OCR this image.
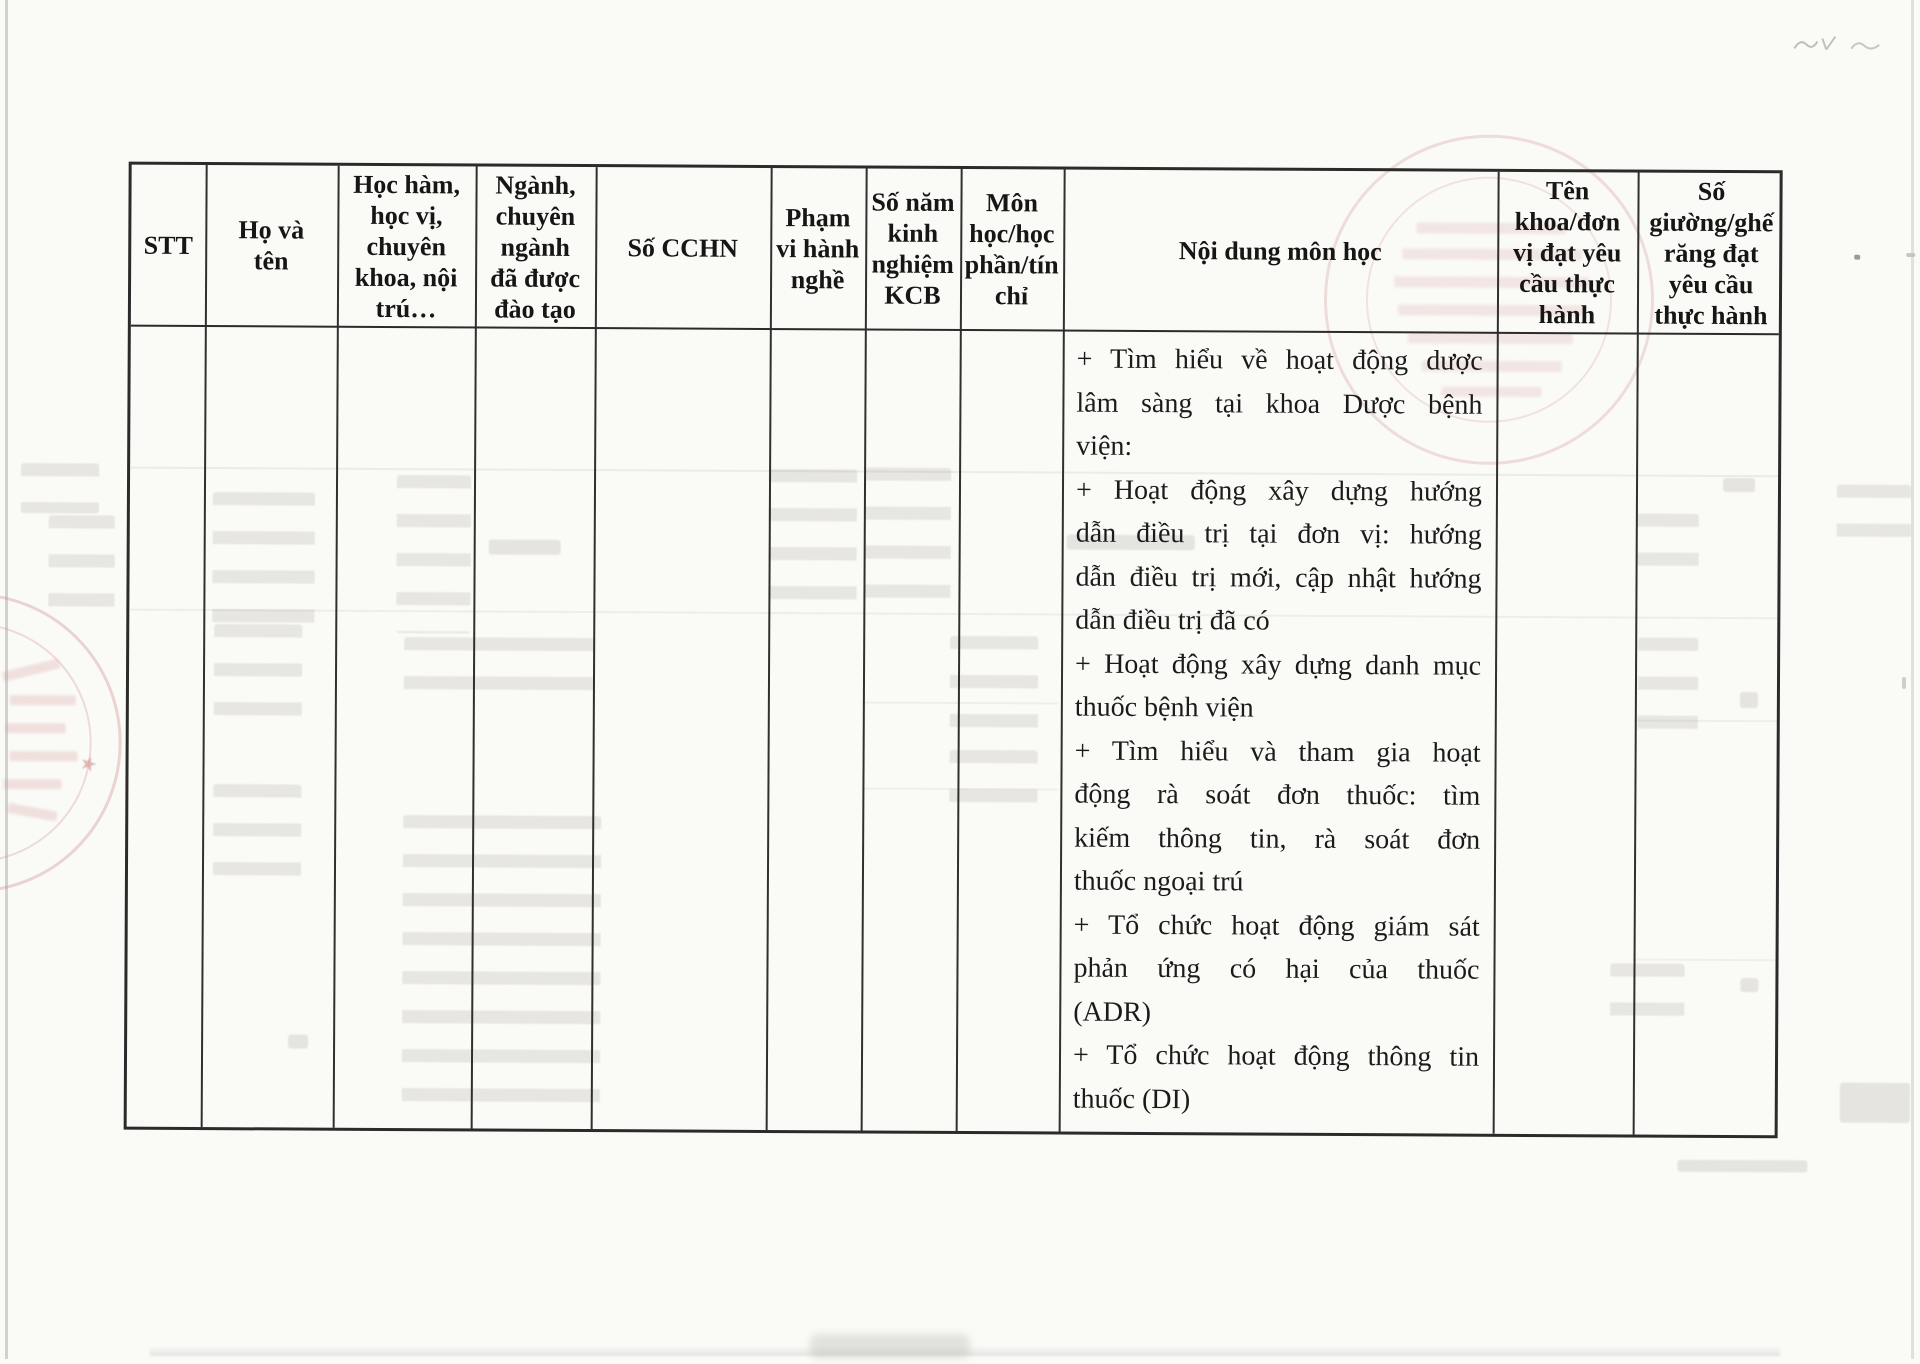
★
STT
Họ và
tên
Học hàm,
học vị,
chuyên
khoa, nội
trú…
Ngành,
chuyên
ngành
đã được
đào tạo
Số CCHN
Phạm
vi hành
nghề
Số năm
kinh
nghiệm
KCB
Môn
học/học
phần/tín
chỉ
Nội dung môn học
Tên
khoa/đơn
vị đạt yêu
cầu thực
hành
Số
giường/ghế
răng đạt
yêu cầu
thực hành
+ Tìm hiểu về hoạt động dược
lâm sàng tại khoa Dược bệnh
viện:
+ Hoạt động xây dựng hướng
dẫn điều trị tại đơn vị: hướng
dẫn điều trị mới, cập nhật hướng
dẫn điều trị đã có
+ Hoạt động xây dựng danh mục
thuốc bệnh viện
+ Tìm hiểu và tham gia hoạt
động rà soát đơn thuốc: tìm
kiếm thông tin, rà soát đơn
thuốc ngoại trú
+ Tổ chức hoạt động giám sát
phản ứng có hại của thuốc
(ADR)
+ Tổ chức hoạt động thông tin
thuốc (DI)
